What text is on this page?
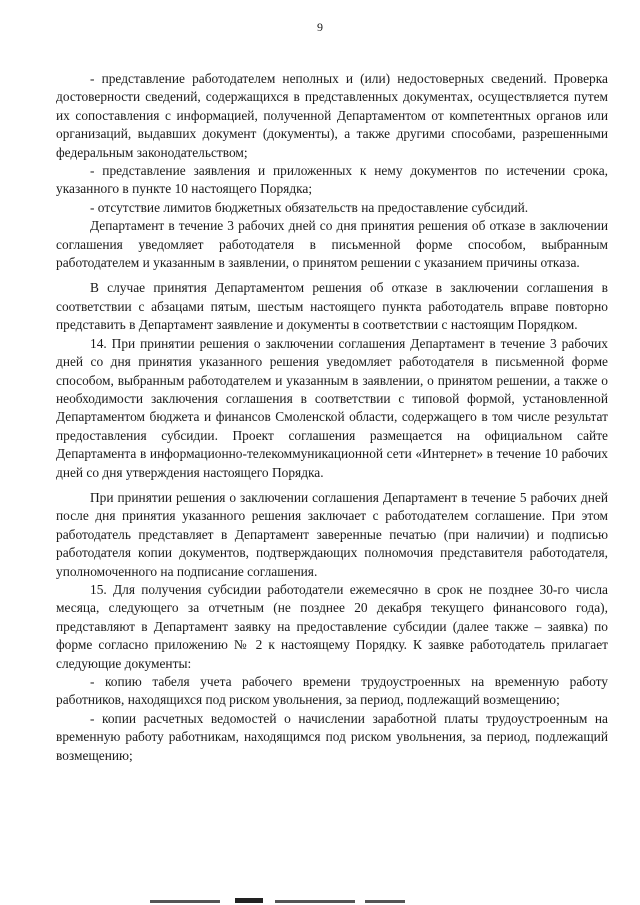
9

- представление работодателем неполных и (или) недостоверных сведений. Проверка достоверности сведений, содержащихся в представленных документах, осуществляется путем их сопоставления с информацией, полученной Департаментом от компетентных органов или организаций, выдавших документ (документы), а также другими способами, разрешенными федеральным законодательством;

- представление заявления и приложенных к нему документов по истечении срока, указанного в пункте 10 настоящего Порядка;

- отсутствие лимитов бюджетных обязательств на предоставление субсидий.

Департамент в течение 3 рабочих дней со дня принятия решения об отказе в заключении соглашения уведомляет работодателя в письменной форме способом, выбранным работодателем и указанным в заявлении, о принятом решении с указанием причины отказа.

В случае принятия Департаментом решения об отказе в заключении соглашения в соответствии с абзацами пятым, шестым настоящего пункта работодатель вправе повторно представить в Департамент заявление и документы в соответствии с настоящим Порядком.

14. При принятии решения о заключении соглашения Департамент в течение 3 рабочих дней со дня принятия указанного решения уведомляет работодателя в письменной форме способом, выбранным работодателем и указанным в заявлении, о принятом решении, а также о необходимости заключения соглашения в соответствии с типовой формой, установленной Департаментом бюджета и финансов Смоленской области, содержащего в том числе результат предоставления субсидии. Проект соглашения размещается на официальном сайте Департамента в информационно-телекоммуникационной сети «Интернет» в течение 10 рабочих дней со дня утверждения настоящего Порядка.

При принятии решения о заключении соглашения Департамент в течение 5 рабочих дней после дня принятия указанного решения заключает с работодателем соглашение. При этом работодатель представляет в Департамент заверенные печатью (при наличии) и подписью работодателя копии документов, подтверждающих полномочия представителя работодателя, уполномоченного на подписание соглашения.

15. Для получения субсидии работодатели ежемесячно в срок не позднее 30-го числа месяца, следующего за отчетным (не позднее 20 декабря текущего финансового года), представляют в Департамент заявку на предоставление субсидии (далее также – заявка) по форме согласно приложению № 2 к настоящему Порядку. К заявке работодатель прилагает следующие документы:

- копию табеля учета рабочего времени трудоустроенных на временную работу работников, находящихся под риском увольнения, за период, подлежащий возмещению;

- копии расчетных ведомостей о начислении заработной платы трудоустроенным на временную работу работникам, находящимся под риском увольнения, за период, подлежащий возмещению;
